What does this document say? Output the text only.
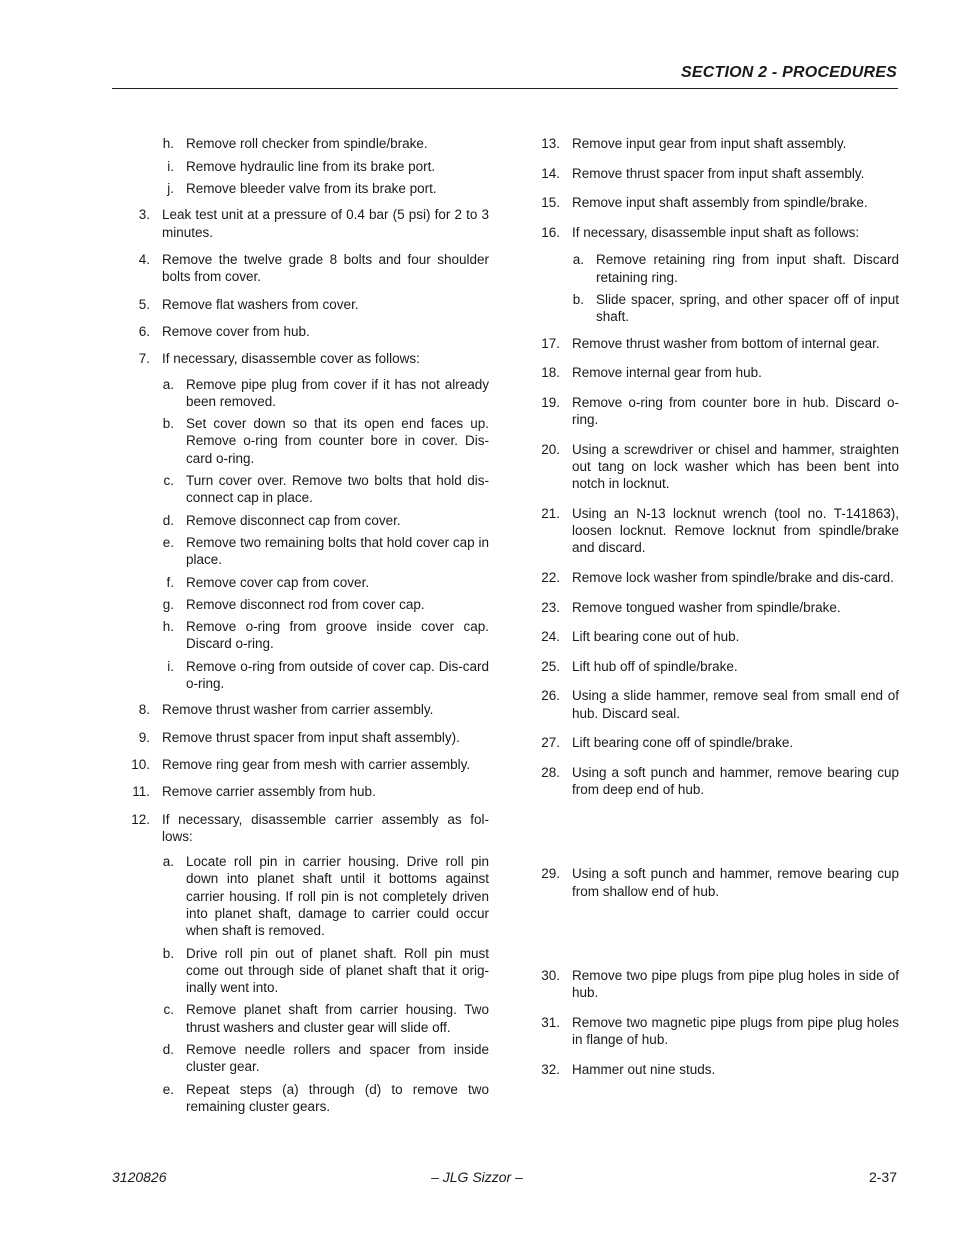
SECTION 2 - PROCEDURES
h. Remove roll checker from spindle/brake.
i. Remove hydraulic line from its brake port.
j. Remove bleeder valve from its brake port.
3. Leak test unit at a pressure of 0.4 bar (5 psi) for 2 to 3 minutes.
4. Remove the twelve grade 8 bolts and four shoulder bolts from cover.
5. Remove flat washers from cover.
6. Remove cover from hub.
7. If necessary, disassemble cover as follows:
a. Remove pipe plug from cover if it has not already been removed.
b. Set cover down so that its open end faces up. Remove o-ring from counter bore in cover. Dis-card o-ring.
c. Turn cover over. Remove two bolts that hold dis-connect cap in place.
d. Remove disconnect cap from cover.
e. Remove two remaining bolts that hold cover cap in place.
f. Remove cover cap from cover.
g. Remove disconnect rod from cover cap.
h. Remove o-ring from groove inside cover cap. Discard o-ring.
i. Remove o-ring from outside of cover cap. Dis-card o-ring.
8. Remove thrust washer from carrier assembly.
9. Remove thrust spacer from input shaft assembly).
10. Remove ring gear from mesh with carrier assembly.
11. Remove carrier assembly from hub.
12. If necessary, disassemble carrier assembly as fol-lows:
a. Locate roll pin in carrier housing. Drive roll pin down into planet shaft until it bottoms against carrier housing. If roll pin is not completely driven into planet shaft, damage to carrier could occur when shaft is removed.
b. Drive roll pin out of planet shaft. Roll pin must come out through side of planet shaft that it orig-inally went into.
c. Remove planet shaft from carrier housing. Two thrust washers and cluster gear will slide off.
d. Remove needle rollers and spacer from inside cluster gear.
e. Repeat steps (a) through (d) to remove two remaining cluster gears.
13. Remove input gear from input shaft assembly.
14. Remove thrust spacer from input shaft assembly.
15. Remove input shaft assembly from spindle/brake.
16. If necessary, disassemble input shaft as follows:
a. Remove retaining ring from input shaft. Discard retaining ring.
b. Slide spacer, spring, and other spacer off of input shaft.
17. Remove thrust washer from bottom of internal gear.
18. Remove internal gear from hub.
19. Remove o-ring from counter bore in hub. Discard o-ring.
20. Using a screwdriver or chisel and hammer, straighten out tang on lock washer which has been bent into notch in locknut.
21. Using an N-13 locknut wrench (tool no. T-141863), loosen locknut. Remove locknut from spindle/brake and discard.
22. Remove lock washer from spindle/brake and dis-card.
23. Remove tongued washer from spindle/brake.
24. Lift bearing cone out of hub.
25. Lift hub off of spindle/brake.
26. Using a slide hammer, remove seal from small end of hub. Discard seal.
27. Lift bearing cone off of spindle/brake.
28. Using a soft punch and hammer, remove bearing cup from deep end of hub.
29. Using a soft punch and hammer, remove bearing cup from shallow end of hub.
30. Remove two pipe plugs from pipe plug holes in side of hub.
31. Remove two magnetic pipe plugs from pipe plug holes in flange of hub.
32. Hammer out nine studs.
– JLG Sizzor –
3120826	2-37
